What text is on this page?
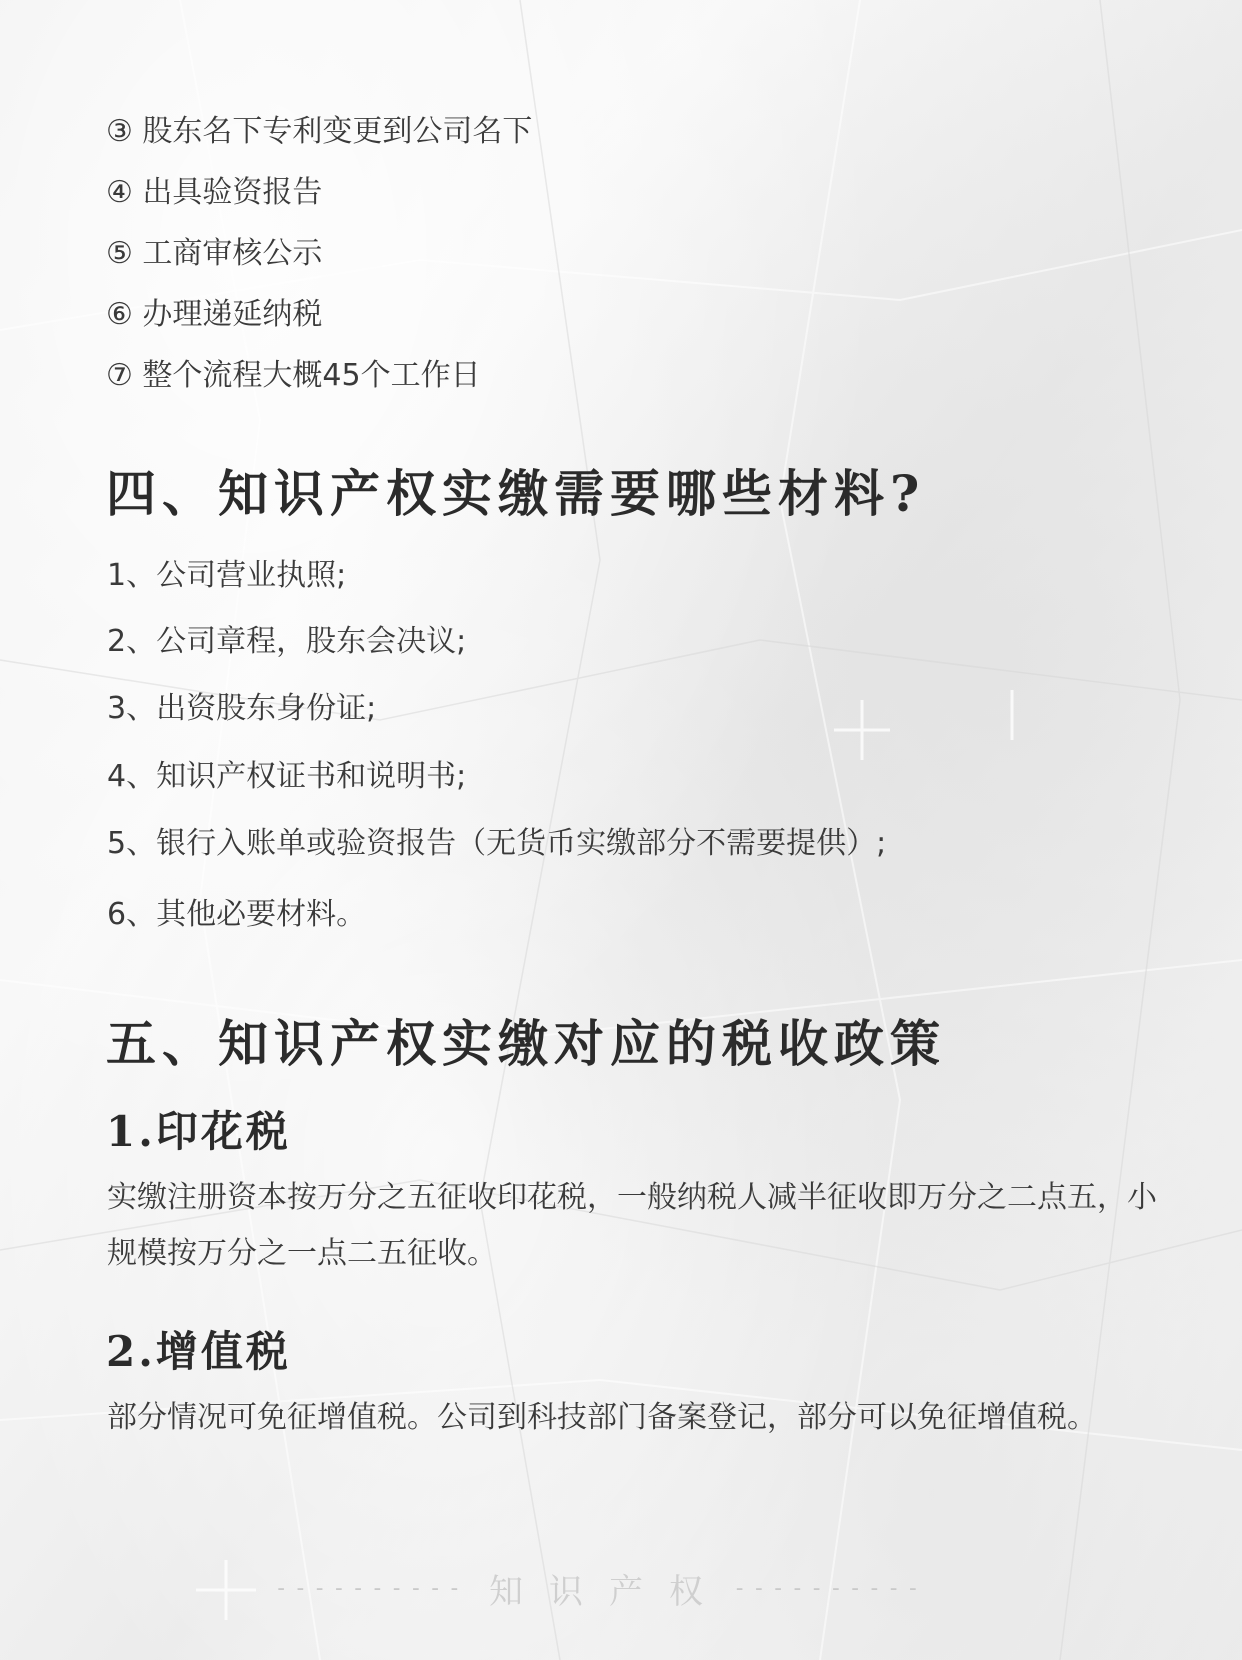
③ 股东名下专利变更到公司名下
④ 出具验资报告
⑤ 工商审核公示
⑥ 办理递延纳税
⑦ 整个流程大概45个工作日
四、知识产权实缴需要哪些材料?
1、公司营业执照;
2、公司章程，股东会决议;
3、出资股东身份证;
4、知识产权证书和说明书;
5、银行入账单或验资报告（无货币实缴部分不需要提供）;
6、其他必要材料。
五、知识产权实缴对应的税收政策
1.印花税
实缴注册资本按万分之五征收印花税，一般纳税人减半征收即万分之二点五，小规模按万分之一点二五征收。
2.增值税
部分情况可免征增值税。公司到科技部门备案登记，部分可以免征增值税。
---------- 知识产权 ----------
